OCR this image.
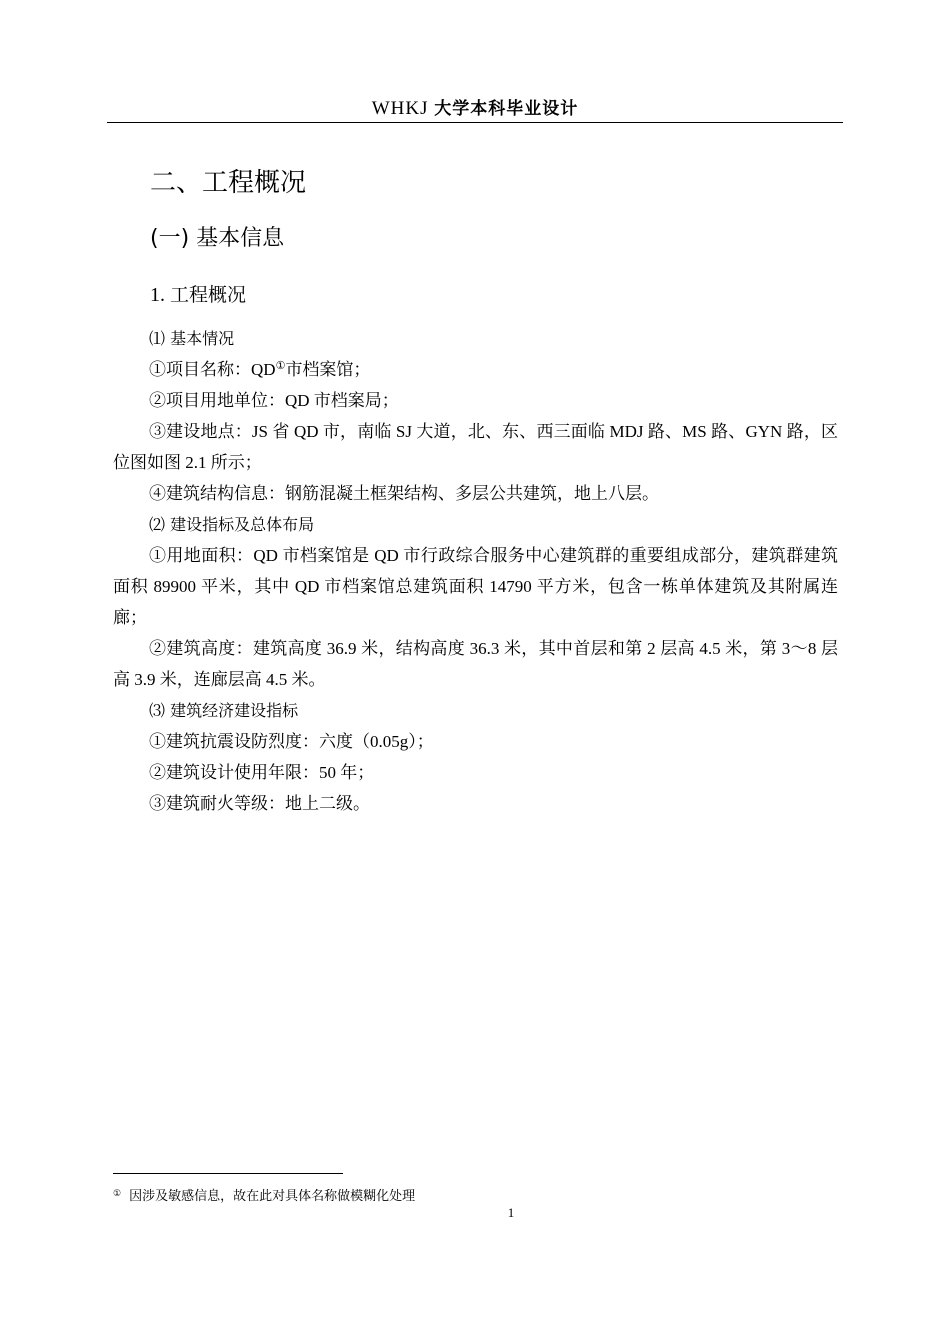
WHKJ 大学本科毕业设计
二、工程概况
(一) 基本信息
1. 工程概况

⑴ 基本情况

①项目名称：QD①市档案馆；

②项目用地单位：QD 市档案局；

③建设地点：JS 省 QD 市，南临 SJ 大道，北、东、西三面临 MDJ 路、MS 路、GYN 路，区位图如图 2.1 所示；

④建筑结构信息：钢筋混凝土框架结构、多层公共建筑，地上八层。

⑵ 建设指标及总体布局

①用地面积：QD 市档案馆是 QD 市行政综合服务中心建筑群的重要组成部分，建筑群建筑面积 89900 平米，其中 QD 市档案馆总建筑面积 14790 平方米，包含一栋单体建筑及其附属连廊；

②建筑高度：建筑高度 36.9 米，结构高度 36.3 米，其中首层和第 2 层高 4.5 米，第 3～8 层高 3.9 米，连廊层高 4.5 米。

⑶ 建筑经济建设指标

①建筑抗震设防烈度：六度（0.05g）；

②建筑设计使用年限：50 年；

③建筑耐火等级：地上二级。

① 因涉及敏感信息，故在此对具体名称做模糊化处理
1
